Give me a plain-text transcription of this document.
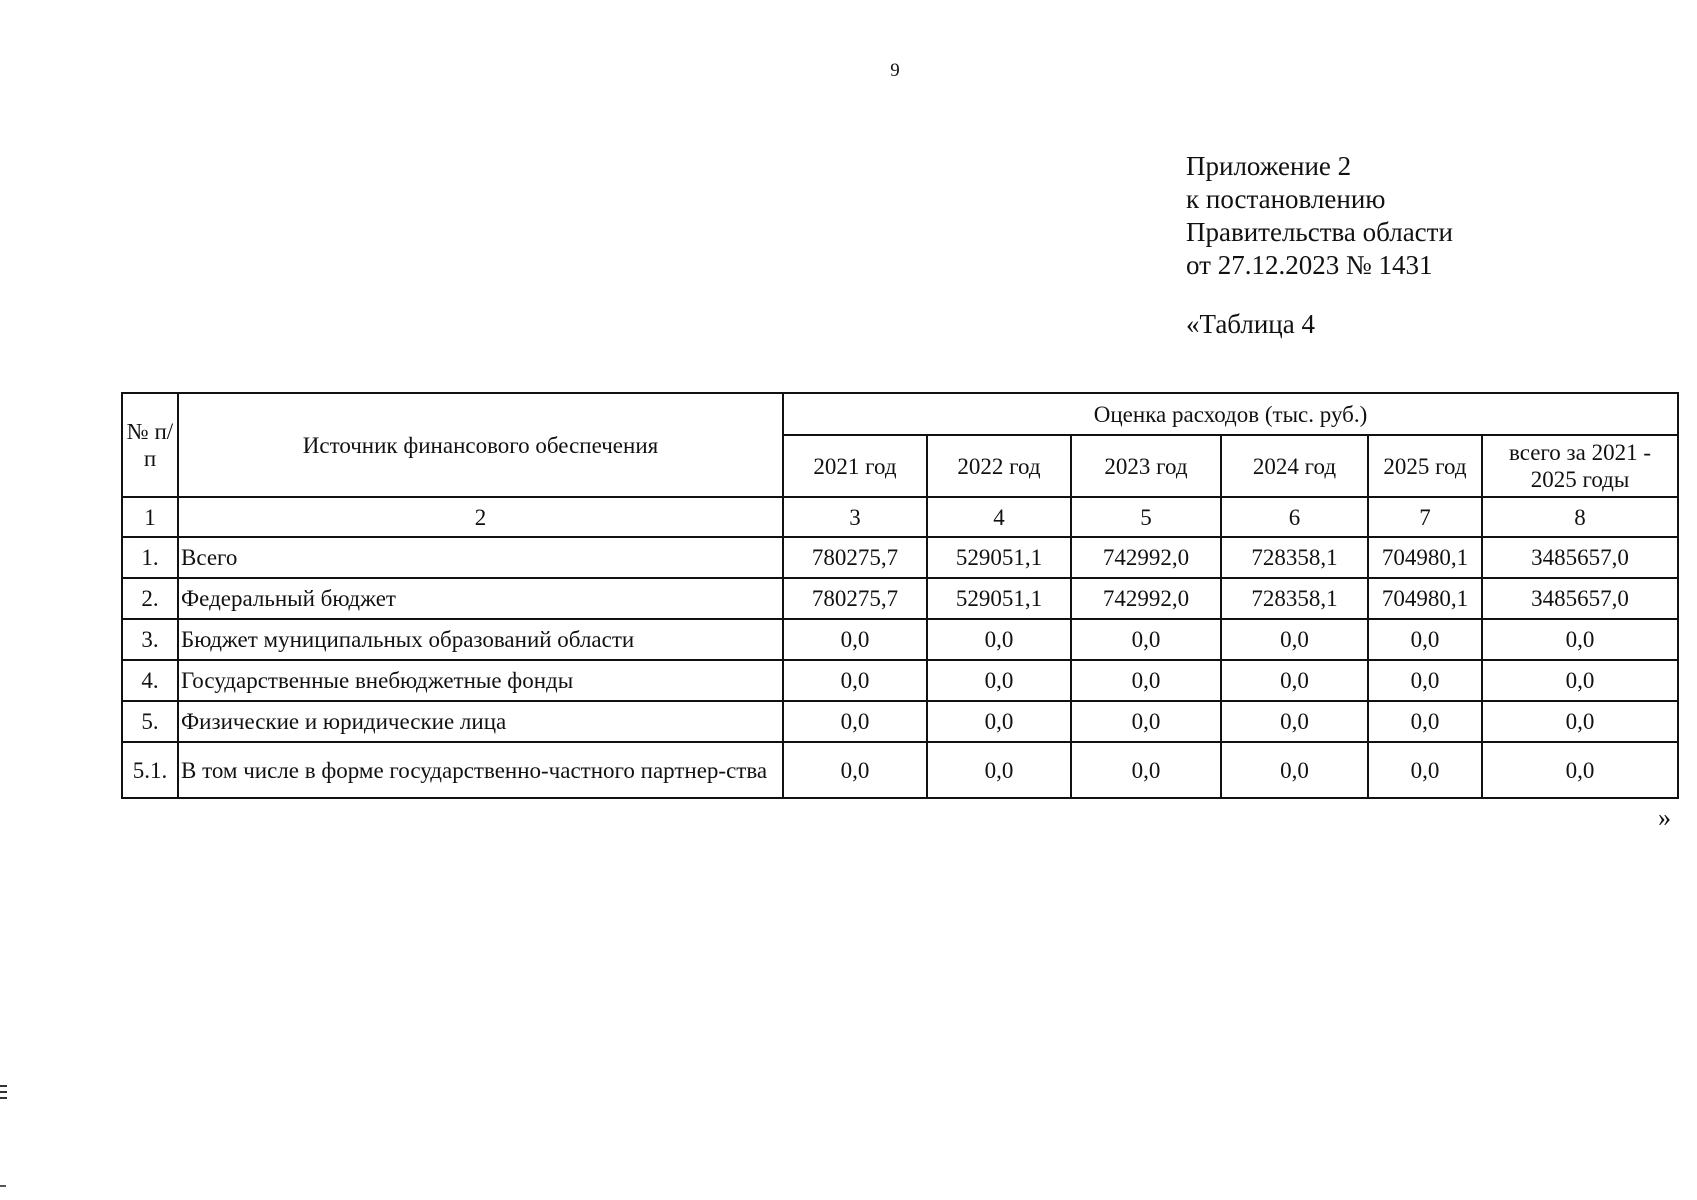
9
Приложение 2
к постановлению
Правительства области
от 27.12.2023 № 1431
«Таблица 4
№ п/п	Источник финансового обеспечения	Оценка расходов (тыс. руб.)					
		2021 год	2022 год	2023 год	2024 год	2025 год	всего за 2021 - 2025 годы
1	2	3	4	5	6	7	8
1.	Всего	780275,7	529051,1	742992,0	728358,1	704980,1	3485657,0
2.	Федеральный бюджет	780275,7	529051,1	742992,0	728358,1	704980,1	3485657,0
3.	Бюджет муниципальных образований области	0,0	0,0	0,0	0,0	0,0	0,0
4.	Государственные внебюджетные фонды	0,0	0,0	0,0	0,0	0,0	0,0
5.	Физические и юридические лица	0,0	0,0	0,0	0,0	0,0	0,0
5.1.	В том числе в форме государственно-частного партнер-ства	0,0	0,0	0,0	0,0	0,0	0,0
»
